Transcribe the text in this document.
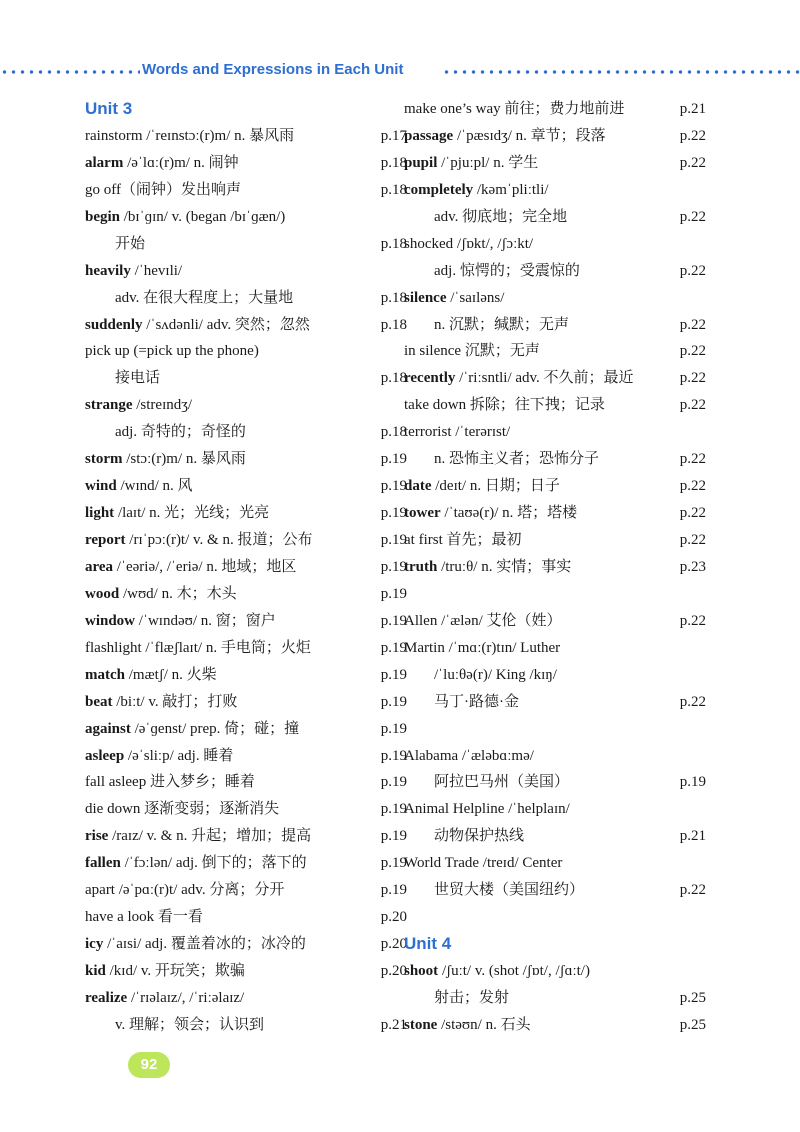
Words and Expressions in Each Unit
Unit 3
rainstorm /ˈreɪnstɔː(r)m/ n. 暴风雨	p.17
alarm /əˈlɑː(r)m/ n. 闹钟	p.18
go off（闹钟）发出响声	p.18
begin /bɪˈɡɪn/ v. (began /bɪˈɡæn/)
开始	p.18
heavily /ˈhevɪli/
adv. 在很大程度上；大量地	p.18
suddenly /ˈsʌdənli/ adv. 突然；忽然	p.18
pick up (=pick up the phone)
接电话	p.18
strange /streɪndʒ/
adj. 奇特的；奇怪的	p.18
storm /stɔː(r)m/ n. 暴风雨	p.19
wind /wɪnd/ n. 风	p.19
light /laɪt/ n. 光；光线；光亮	p.19
report /rɪˈpɔː(r)t/ v. & n. 报道；公布	p.19
area /ˈeəriə/, /ˈeriə/ n. 地域；地区	p.19
wood /wʊd/ n. 木；木头	p.19
window /ˈwɪndəʊ/ n. 窗；窗户	p.19
flashlight /ˈflæʃlaɪt/ n. 手电筒；火炬	p.19
match /mætʃ/ n. 火柴	p.19
beat /biːt/ v. 敲打；打败	p.19
against /əˈɡenst/ prep. 倚；碰；撞	p.19
asleep /əˈsliːp/ adj. 睡着	p.19
fall asleep 进入梦乡；睡着	p.19
die down 逐渐变弱；逐渐消失	p.19
rise /raɪz/ v. & n. 升起；增加；提高	p.19
fallen /ˈfɔːlən/ adj. 倒下的；落下的	p.19
apart /əˈpɑː(r)t/ adv. 分离；分开	p.19
have a look 看一看	p.20
icy /ˈaɪsi/ adj. 覆盖着冰的；冰冷的	p.20
kid /kɪd/ v. 开玩笑；欺骗	p.20
realize /ˈrɪəlaɪz/, /ˈriːəlaɪz/
v. 理解；领会；认识到	p.21
make one’s way 前往；费力地前进	p.21
passage /ˈpæsɪdʒ/ n. 章节；段落	p.22
pupil /ˈpjuːpl/ n. 学生	p.22
completely /kəmˈpliːtli/
adv. 彻底地；完全地	p.22
shocked /ʃɒkt/, /ʃɔːkt/
adj. 惊愕的；受震惊的	p.22
silence /ˈsaɪləns/
n. 沉默；缄默；无声	p.22
in silence 沉默；无声	p.22
recently /ˈriːsntli/ adv. 不久前；最近	p.22
take down 拆除；往下拽；记录	p.22
terrorist /ˈterərɪst/
n. 恐怖主义者；恐怖分子	p.22
date /deɪt/ n. 日期；日子	p.22
tower /ˈtaʊə(r)/ n. 塔；塔楼	p.22
at first 首先；最初	p.22
truth /truːθ/ n. 实情；事实	p.23
Allen /ˈælən/ 艾伦（姓）	p.22
Martin /ˈmɑː(r)tɪn/ Luther
/ˈluːθə(r)/ King /kɪŋ/
马丁·路德·金	p.22
Alabama /ˈæləbɑːmə/
阿拉巴马州（美国）	p.19
Animal Helpline /ˈhelplaɪn/
动物保护热线	p.21
World Trade /treɪd/ Center
世贸大楼（美国纽约）	p.22
Unit 4
shoot /ʃuːt/ v. (shot /ʃɒt/, /ʃɑːt/)
射击；发射	p.25
stone /stəʊn/ n. 石头	p.25
92
